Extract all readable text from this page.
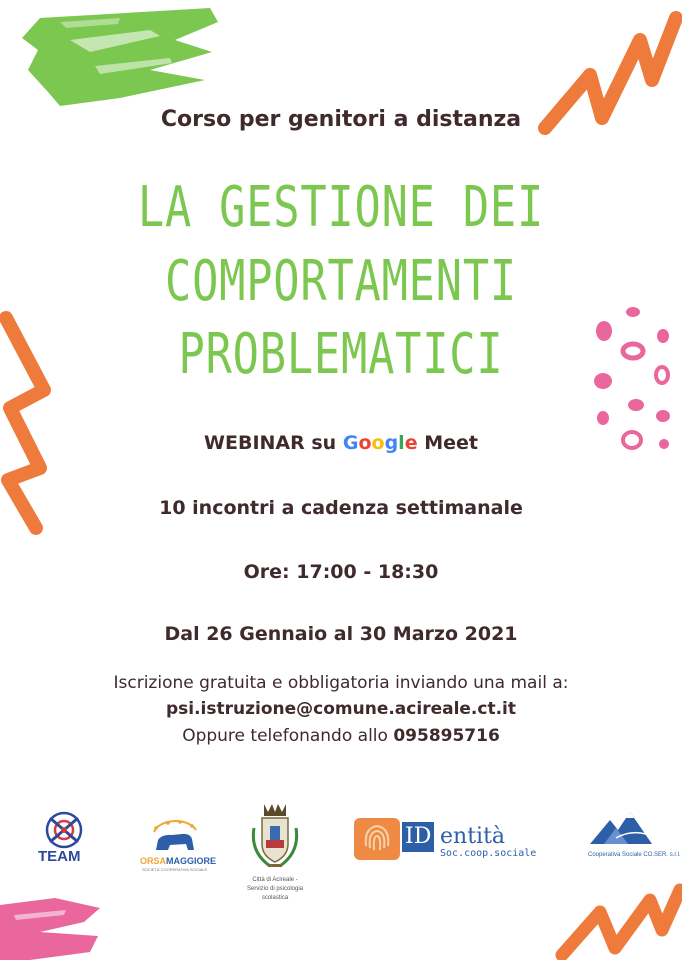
Corso per genitori a distanza
LA GESTIONE DEI
COMPORTAMENTI
PROBLEMATICI
WEBINAR su Google Meet
10 incontri a cadenza settimanale
Ore: 17:00 - 18:30
Dal 26 Gennaio al 30 Marzo 2021
Iscrizione gratuita e obbligatoria inviando una mail a:
psi.istruzione@comune.acireale.ct.it
Oppure telefonando allo 095895716
TEAM	ORSAMAGGIORE
SOCIETÀ COOPERATIVA SOCIALE
Città di Acireale -
Servizio di psicologia
scolastica
ID entità
Soc.coop.sociale	Cooperativa Sociale CO.SER. s.r.l.
